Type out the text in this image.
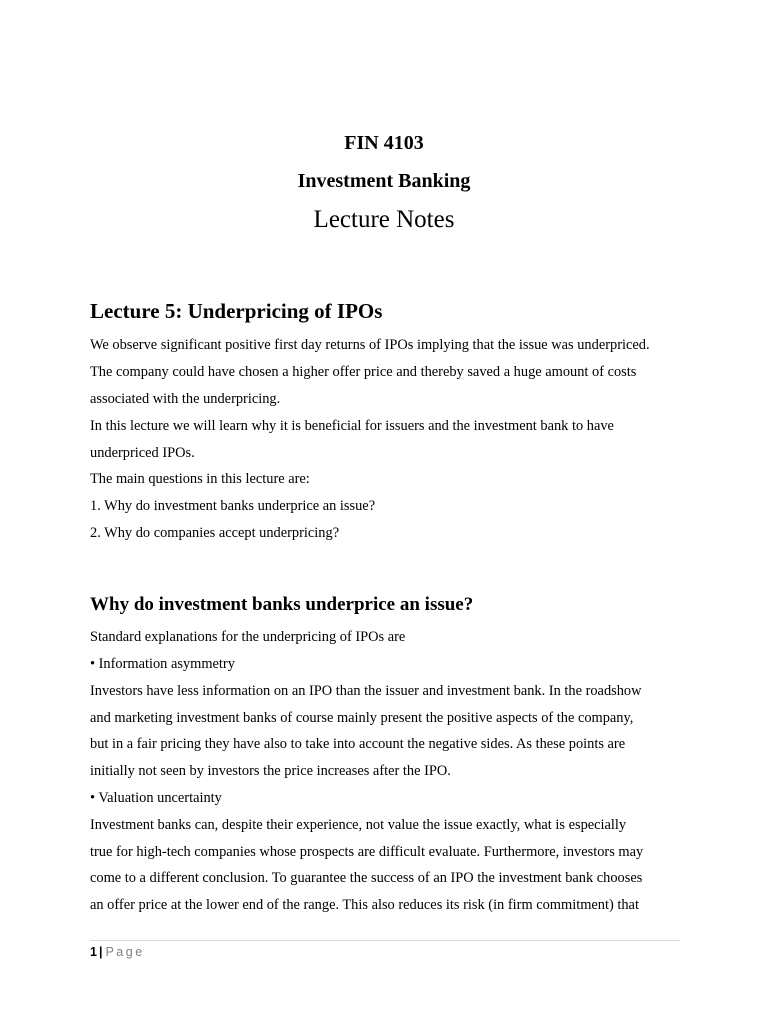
FIN 4103
Investment Banking
Lecture Notes
Lecture 5: Underpricing of IPOs
We observe significant positive first day returns of IPOs implying that the issue was underpriced.
The company could have chosen a higher offer price and thereby saved a huge amount of costs
associated with the underpricing.
In this lecture we will learn why it is beneficial for issuers and the investment bank to have
underpriced IPOs.
The main questions in this lecture are:
1. Why do investment banks underprice an issue?
2. Why do companies accept underpricing?
Why do investment banks underprice an issue?
Standard explanations for the underpricing of IPOs are
• Information asymmetry
Investors have less information on an IPO than the issuer and investment bank. In the roadshow
and marketing investment banks of course mainly present the positive aspects of the company,
but in a fair pricing they have also to take into account the negative sides. As these points are
initially not seen by investors the price increases after the IPO.
• Valuation uncertainty
Investment banks can, despite their experience, not value the issue exactly, what is especially
true for high-tech companies whose prospects are difficult evaluate. Furthermore, investors may
come to a different conclusion. To guarantee the success of an IPO the investment bank chooses
an offer price at the lower end of the range. This also reduces its risk (in firm commitment) that
1 | Page
